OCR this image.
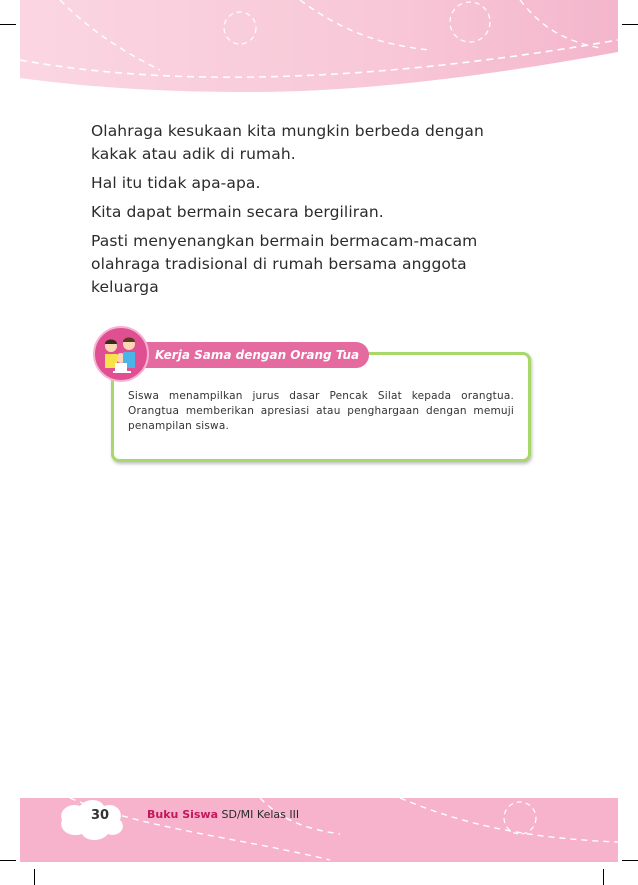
Olahraga kesukaan kita mungkin berbeda dengan kakak atau adik di rumah.

Hal itu tidak apa-apa.

Kita dapat bermain secara bergiliran.

Pasti menyenangkan bermain bermacam-macam olahraga tradisional di rumah bersama anggota keluarga

Siswa menampilkan jurus dasar Pencak Silat kepada orangtua. Orangtua memberikan apresiasi atau penghargaan dengan memuji penampilan siswa.

Kerja Sama dengan Orang Tua
30	Buku Siswa SD/MI Kelas III
